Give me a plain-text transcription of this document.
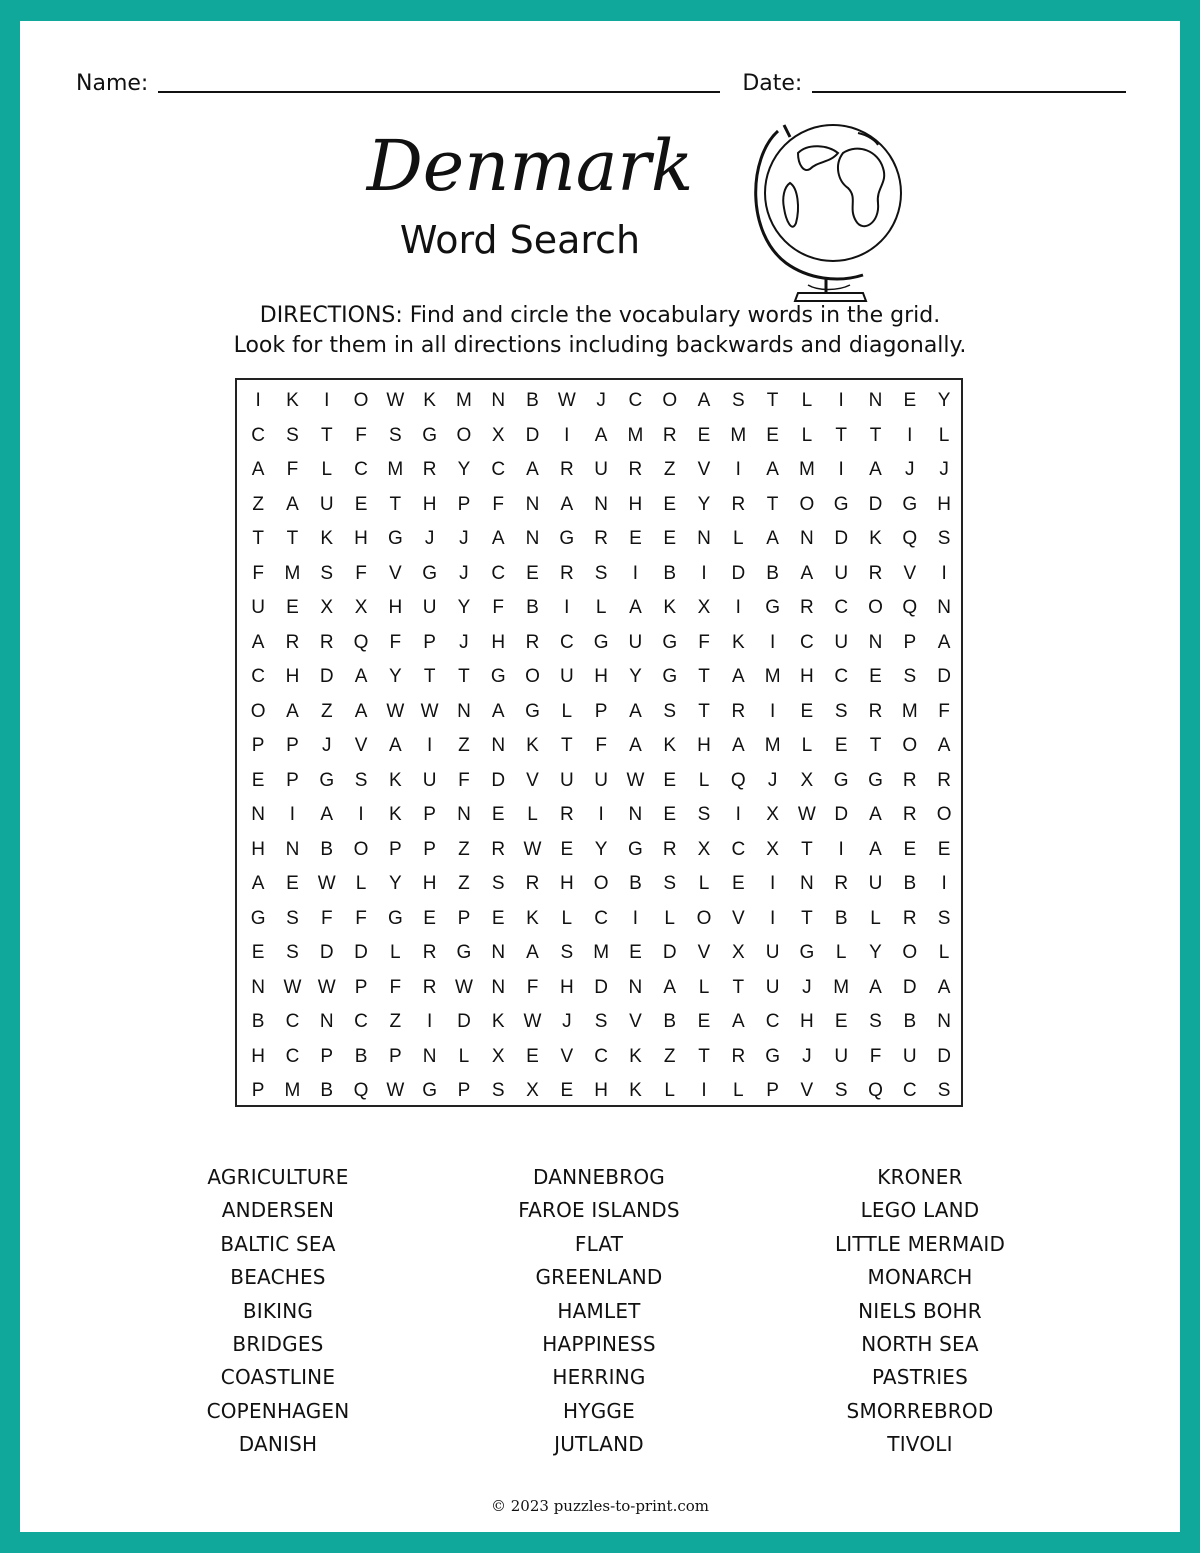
Name:	Date:
Denmark
Word Search
DIRECTIONS: Find and circle the vocabulary words in the grid.
Look for them in all directions including backwards and diagonally.
I	K	I	O W K	M	N	B W	J	C	O	A	S	T	L	I	N	E	Y
C	S	T	F	S	G	O	X	D	I	A	M	R	E	M	E	L	T	T	I	L
A	F	L	C	M	R	Y	C	A	R	U	R	Z	V	I	A	M	I	A	J	J
Z	A	U	E	T	H	P	F	N	A	N	H	E	Y	R	T	O	G	D	G	H
T	T	K	H	G	J	J	A	N	G	R	E	E	N	L	A	N	D	K	Q	S
F	M	S	F	V	G	J	C	E	R	S	I	B	I	D	B	A	U	R	V	I
U	E	X	X	H	U	Y	F	B	I	L	A	K	X	I	G	R	C	O	Q	N
A	R	R	Q	F	P	J	H	R	C	G	U	G	F	K	I	C	U	N	P	A
C	H	D	A	Y	T	T	G	O	U	H	Y	G	T	A	M	H	C	E	S	D
O	A	Z	A W W N	A	G	L	P	A	S	T	R	I	E	S	R	M	F
P	P	J	V	A	I	Z	N	K	T	F	A	K	H	A	M	L	E	T	O	A
E	P	G	S	K	U	F	D	V	U	U W E	L	Q	J	X	G	G	R	R
N	I	A	I	K	P	N	E	L	R	I	N	E	S	I	X W D	A	R	O
H	N	B	O	P	P	Z	R W E	Y	G	R	X	C	X	T	I	A	E	E
A	E W	L	Y	H	Z	S	R	H	O	B	S	L	E	I	N	R	U	B	I
G	S	F	F	G	E	P	E	K	L	C	I	L	O	V	I	T	B	L	R	S
E	S	D	D	L	R	G	N	A	S	M	E	D	V	X	U	G	L	Y	O	L
N W W P	F	R W N	F	H	D	N	A	L	T	U	J	M	A	D	A
B	C	N	C	Z	I	D	K W	J	S	V	B	E	A	C	H	E	S	B	N
H	C	P	B	P	N	L	X	E	V	C	K	Z	T	R	G	J	U	F	U	D
P	M	B	Q W G	P	S	X	E	H	K	L	I	L	P	V	S	Q	C	S
AGRICULTURE
ANDERSEN
BALTIC SEA
BEACHES
BIKING
BRIDGES
COASTLINE
COPENHAGEN
DANISH
DANNEBROG
FAROE ISLANDS
FLAT
GREENLAND
HAMLET
HAPPINESS
HERRING
HYGGE
JUTLAND
KRONER
LEGO LAND
LITTLE MERMAID
MONARCH
NIELS BOHR
NORTH SEA
PASTRIES
SMORREBROD
TIVOLI
© 2023 puzzles-to-print.com
